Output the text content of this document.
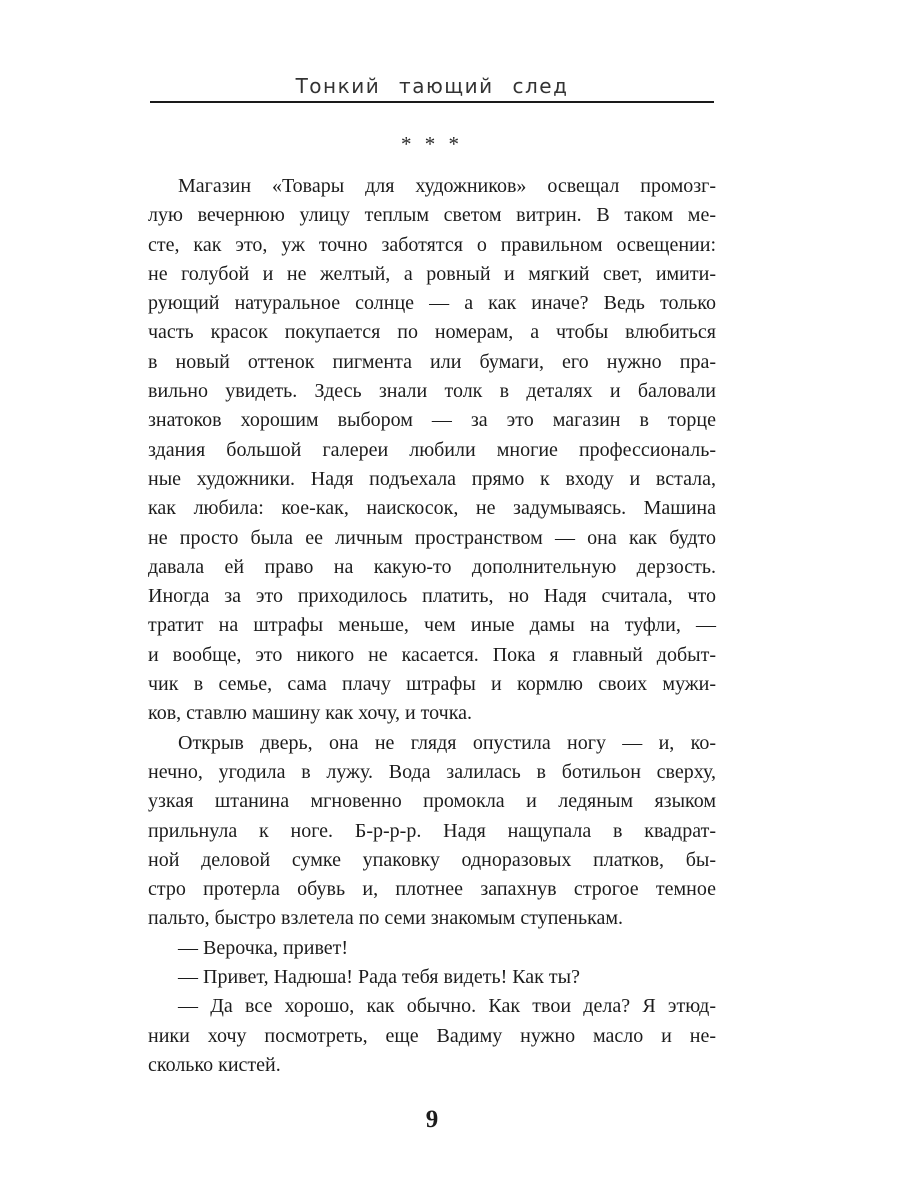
Тонкий тающий след
* * *
Магазин «Товары для художников» освещал промозг-
лую вечернюю улицу теплым светом витрин. В таком ме-
сте, как это, уж точно заботятся о правильном освещении:
не голубой и не желтый, а ровный и мягкий свет, имити-
рующий натуральное солнце — а как иначе? Ведь только
часть красок покупается по номерам, а чтобы влюбиться
в новый оттенок пигмента или бумаги, его нужно пра-
вильно увидеть. Здесь знали толк в деталях и баловали
знатоков хорошим выбором — за это магазин в торце
здания большой галереи любили многие профессиональ-
ные художники. Надя подъехала прямо к входу и встала,
как любила: кое-как, наискосок, не задумываясь. Машина
не просто была ее личным пространством — она как будто
давала ей право на какую-то дополнительную дерзость.
Иногда за это приходилось платить, но Надя считала, что
тратит на штрафы меньше, чем иные дамы на туфли, —
и вообще, это никого не касается. Пока я главный добыт-
чик в семье, сама плачу штрафы и кормлю своих мужи-
ков, ставлю машину как хочу, и точка.
Открыв дверь, она не глядя опустила ногу — и, ко-
нечно, угодила в лужу. Вода залилась в ботильон сверху,
узкая штанина мгновенно промокла и ледяным языком
прильнула к ноге. Б-р-р-р. Надя нащупала в квадрат-
ной деловой сумке упаковку одноразовых платков, бы-
стро протерла обувь и, плотнее запахнув строгое темное
пальто, быстро взлетела по семи знакомым ступенькам.
— Верочка, привет!
— Привет, Надюша! Рада тебя видеть! Как ты?
— Да все хорошо, как обычно. Как твои дела? Я этюд-
ники хочу посмотреть, еще Вадиму нужно масло и не-
сколько кистей.
9
